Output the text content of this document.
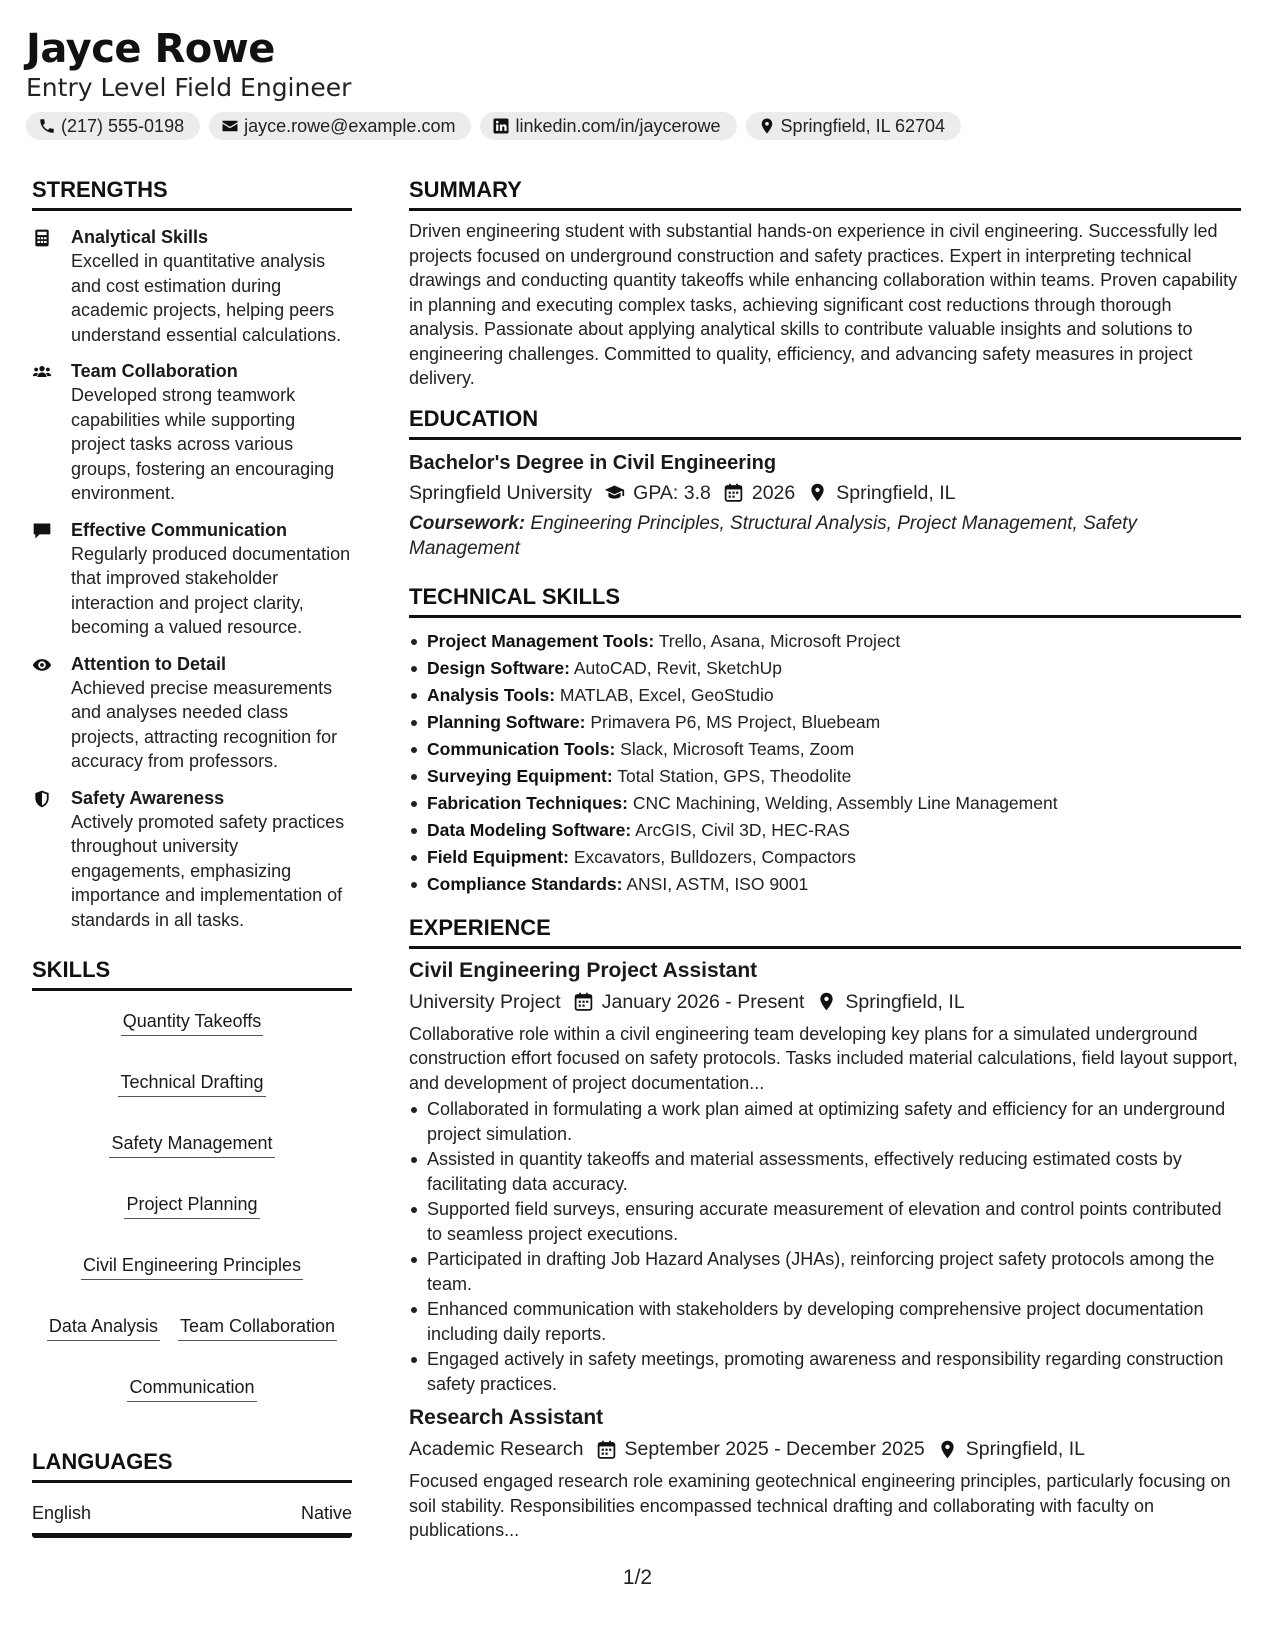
Jayce Rowe
Entry Level Field Engineer
(217) 555-0198	jayce.rowe@example.com	linkedin.com/in/jaycerowe	Springfield, IL 62704
STRENGTHS
Analytical Skills
Excelled in quantitative analysis and cost estimation during academic projects, helping peers understand essential calculations.
Team Collaboration
Developed strong teamwork capabilities while supporting project tasks across various groups, fostering an encouraging environment.
Effective Communication
Regularly produced documentation that improved stakeholder interaction and project clarity, becoming a valued resource.
Attention to Detail
Achieved precise measurements and analyses needed class projects, attracting recognition for accuracy from professors.
Safety Awareness
Actively promoted safety practices throughout university engagements, emphasizing importance and implementation of standards in all tasks.
SKILLS
Quantity Takeoffs
Technical Drafting
Safety Management
Project Planning
Civil Engineering Principles
Data Analysis Team Collaboration
Communication
LANGUAGES
English	Native
SUMMARY
Driven engineering student with substantial hands-on experience in civil engineering. Successfully led projects focused on underground construction and safety practices. Expert in interpreting technical drawings and conducting quantity takeoffs while enhancing collaboration within teams. Proven capability in planning and executing complex tasks, achieving significant cost reductions through thorough analysis. Passionate about applying analytical skills to contribute valuable insights and solutions to engineering challenges. Committed to quality, efficiency, and advancing safety measures in project delivery.
EDUCATION
Bachelor's Degree in Civil Engineering
Springfield University GPA: 3.8 2026 Springfield, IL
Coursework: Engineering Principles, Structural Analysis, Project Management, Safety Management
TECHNICAL SKILLS
Project Management Tools: Trello, Asana, Microsoft Project
Design Software: AutoCAD, Revit, SketchUp
Analysis Tools: MATLAB, Excel, GeoStudio
Planning Software: Primavera P6, MS Project, Bluebeam
Communication Tools: Slack, Microsoft Teams, Zoom
Surveying Equipment: Total Station, GPS, Theodolite
Fabrication Techniques: CNC Machining, Welding, Assembly Line Management
Data Modeling Software: ArcGIS, Civil 3D, HEC-RAS
Field Equipment: Excavators, Bulldozers, Compactors
Compliance Standards: ANSI, ASTM, ISO 9001
EXPERIENCE
Civil Engineering Project Assistant
University Project January 2026 - Present Springfield, IL
Collaborative role within a civil engineering team developing key plans for a simulated underground construction effort focused on safety protocols. Tasks included material calculations, field layout support, and development of project documentation...
Collaborated in formulating a work plan aimed at optimizing safety and efficiency for an underground project simulation.
Assisted in quantity takeoffs and material assessments, effectively reducing estimated costs by facilitating data accuracy.
Supported field surveys, ensuring accurate measurement of elevation and control points contributed to seamless project executions.
Participated in drafting Job Hazard Analyses (JHAs), reinforcing project safety protocols among the team.
Enhanced communication with stakeholders by developing comprehensive project documentation including daily reports.
Engaged actively in safety meetings, promoting awareness and responsibility regarding construction safety practices.
Research Assistant
Academic Research September 2025 - December 2025 Springfield, IL
Focused engaged research role examining geotechnical engineering principles, particularly focusing on soil stability. Responsibilities encompassed technical drafting and collaborating with faculty on publications...
1/2
